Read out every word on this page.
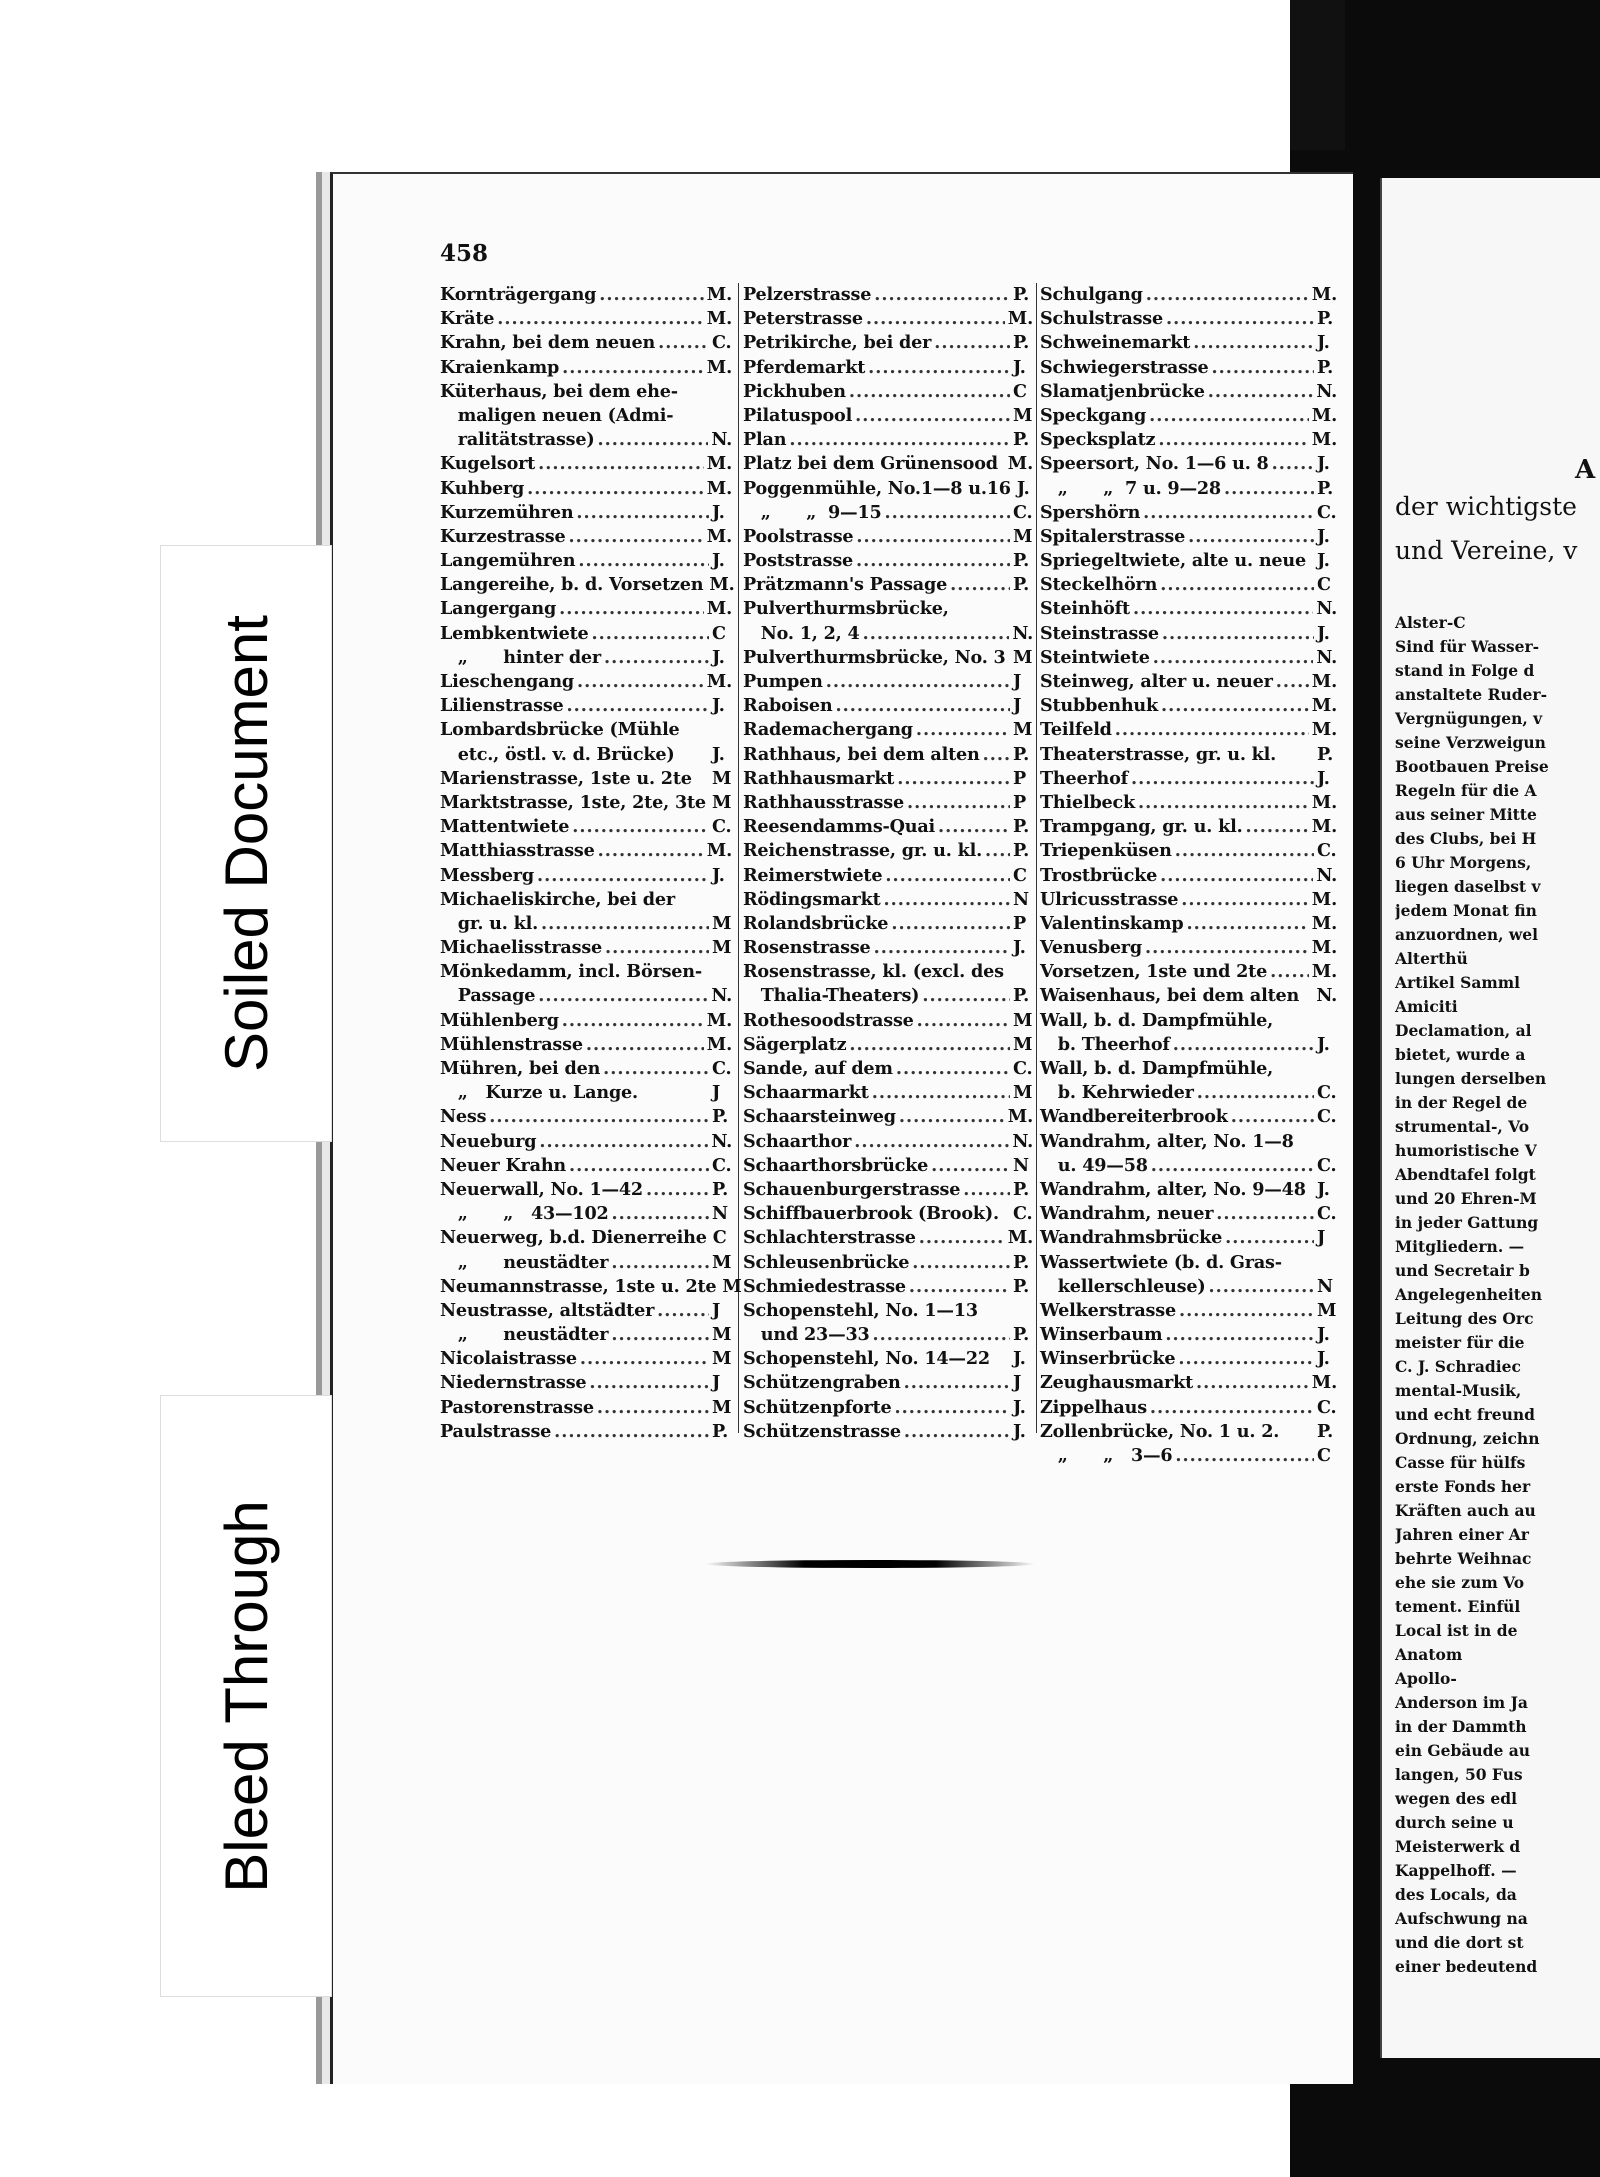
458
Kornträgergang .....	M.
Kräte .....	M.
Krahn, bei dem neuen .....	C.
Kraienkamp .....	M.
Küterhaus, bei dem ehe-
maligen neuen (Admi-
ralitätstrasse) .....	N.
Kugelsort .....	M.
Kuhberg .....	M.
Kurzemühren .....	J.
Kurzestrasse .....	M.
Langemühren .....	J.
Langereihe, b. d. Vorsetzen M.
Langergang .....	M.
Lembkentwiete .....	C
„      hinter der .....	J.
Lieschengang .....	M.
Lilienstrasse .....	J.
Lombardsbrücke (Mühle
etc., östl. v. d. Brücke) J.
Marienstrasse, 1ste u. 2te M
Marktstrasse, 1ste, 2te, 3te M
Mattentwiete .....	C.
Matthiasstrasse .....	M.
Messberg .....	J.
Michaeliskirche, bei der
gr. u. kl. .....	M
Michaelisstrasse .....	M
Mönkedamm, incl. Börsen-
Passage .....	N.
Mühlenberg .....	M.
Mühlenstrasse .....	M.
Mühren, bei den .....	C.
„   Kurze u. Lange.	J
Ness .....	P.
Neueburg .....	N.
Neuer Krahn .....	C.
Neuerwall, No. 1—42 .....	P.
„      „   43—102 .....	N
Neuerweg, b.d. Dienerreihe C
„      neustädter .....	M
Neumannstrasse, 1ste u. 2te M
Neustrasse, altstädter .....	J
„      neustädter .....	M
Nicolaistrasse .....	M
Niedernstrasse .....	J
Pastorenstrasse .....	M
Paulstrasse .....	P.
Pelzerstrasse .....	P.
Peterstrasse .....	M.
Petrikirche, bei der .....	P.
Pferdemarkt .....	J.
Pickhuben .....	C
Pilatuspool .....	M
Plan .....	P.
Platz bei dem Grünensood M.
Poggenmühle, No.1—8 u.16 J.
„      „  9—15 .....	C.
Poolstrasse .....	M
Poststrasse .....	P.
Prätzmann's Passage .....	P.
Pulverthurmsbrücke,
No. 1, 2, 4 .....	N.
Pulverthurmsbrücke, No. 3 M
Pumpen .....	J
Raboisen .....	J
Rademachergang .....	M
Rathhaus, bei dem alten ..... P.
Rathhausmarkt .....	P
Rathhausstrasse .....	P
Reesendamms-Quai .....	P.
Reichenstrasse, gr. u. kl. ..... P.
Reimerstwiete .....	C
Rödingsmarkt .....	N
Rolandsbrücke .....	P
Rosenstrasse .....	J.
Rosenstrasse, kl. (excl. des
Thalia-Theaters) .....	P.
Rothesoodstrasse .....	M
Sägerplatz .....	M
Sande, auf dem .....	C.
Schaarmarkt .....	M
Schaarsteinweg .....	M.
Schaarthor .....	N.
Schaarthorsbrücke .....	N
Schauenburgerstrasse .....	P.
Schiffbauerbrook (Brook). C.
Schlachterstrasse .....	M.
Schleusenbrücke .....	P.
Schmiedestrasse .....	P.
Schopenstehl, No. 1—13
und 23—33 .....	P.
Schopenstehl, No. 14—22 J.
Schützengraben .....	J
Schützenpforte .....	J.
Schützenstrasse .....	J.
Schulgang .....	M.
Schulstrasse .....	P.
Schweinemarkt .....	J.
Schwiegerstrasse .....	P.
Slamatjenbrücke .....	N.
Speckgang .....	M.
Specksplatz .....	M.
Speersort, No. 1—6 u. 8 .....	J.
„      „  7 u. 9—28 .....	P.
Spershörn .....	C.
Spitalerstrasse .....	J.
Spriegeltwiete, alte u. neue J.
Steckelhörn .....	C
Steinhöft .....	N.
Steinstrasse .....	J.
Steintwiete .....	N.
Steinweg, alter u. neuer ..... M.
Stubbenhuk .....	M.
Teilfeld .....	M.
Theaterstrasse, gr. u. kl. P.
Theerhof .....	J.
Thielbeck .....	M.
Trampgang, gr. u. kl. .....	M.
Triepenküsen .....	C.
Trostbrücke .....	N.
Ulricusstrasse .....	M.
Valentinskamp .....	M.
Venusberg .....	M.
Vorsetzen, 1ste und 2te .....	M.
Waisenhaus, bei dem alten N.
Wall, b. d. Dampfmühle,
b. Theerhof .....	J.
Wall, b. d. Dampfmühle,
b. Kehrwieder .....	C.
Wandbereiterbrook .....	C.
Wandrahm, alter, No. 1—8
u. 49—58 .....	C.
Wandrahm, alter, No. 9—48 J.
Wandrahm, neuer .....	C.
Wandrahmsbrücke .....	J
Wassertwiete (b. d. Gras-
kellerschleuse) .....	N
Welkerstrasse .....	M
Winserbaum .....	J.
Winserbrücke .....	J.
Zeughausmarkt .....	M.
Zippelhaus .....	C.
Zollenbrücke, No. 1 u. 2. P.
„      „   3—6 .....	C
Soiled Document
Bleed Through
A
der wichtigste
und Vereine, v
Alster-C
Sind für Wasser-
stand in Folge d
anstaltete Ruder-
Vergnügungen, v
seine Verzweigun
Bootbauen Preise
Regeln für die A
aus seiner Mitte
des Clubs, bei H
6 Uhr Morgens,
liegen daselbst v
jedem Monat fin
anzuordnen, wel
Alterthü
Artikel Samml
Amiciti
Declamation, al
bietet, wurde a
lungen derselben
in der Regel de
strumental-, Vo
humoristische V
Abendtafel folgt
und 20 Ehren-M
in jeder Gattung
Mitgliedern. —
und Secretair b
Angelegenheiten
Leitung des Orc
meister für die
C. J. Schradiec
mental-Musik,
und echt freund
Ordnung, zeichn
Casse für hülfs
erste Fonds her
Kräften auch au
Jahren einer Ar
behrte Weihnac
ehe sie zum Vo
tement. Einfül
Local ist in de
Anatom
Apollo-
Anderson im Ja
in der Dammth
ein Gebäude au
langen, 50 Fus
wegen des edl
durch seine u
Meisterwerk d
Kappelhoff. —
des Locals, da
Aufschwung na
und die dort st
einer bedeutend
